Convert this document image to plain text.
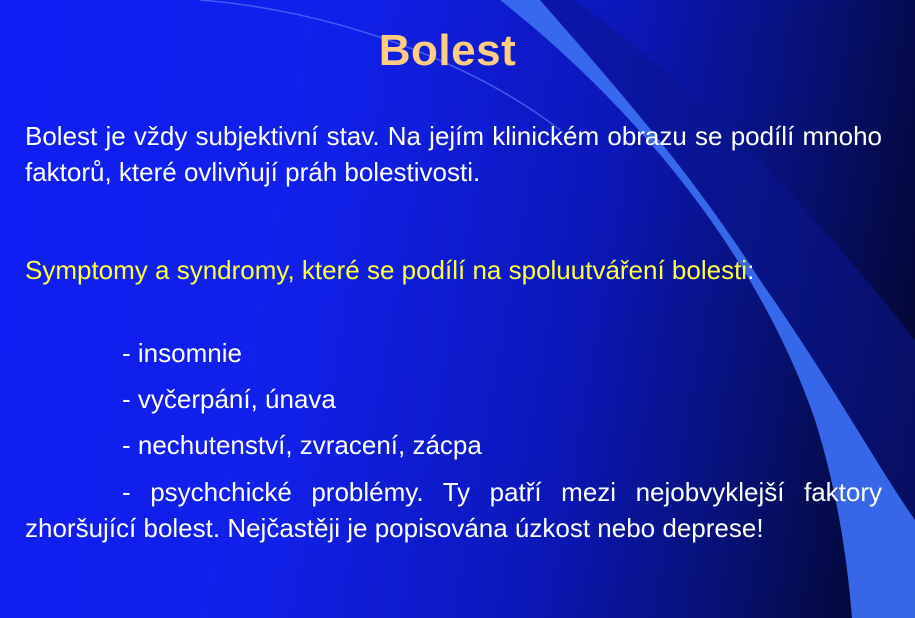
Bolest
Bolest je vždy subjektivní stav. Na jejím klinickém obrazu se podílí mnoho faktorů, které ovlivňují práh bolestivosti.
Symptomy a syndromy, které se podílí na spoluutváření bolesti:
- insomnie
- vyčerpání, únava
- nechutenství, zvracení, zácpa
- psychchické problémy. Ty patří mezi nejobvyklejší faktory zhoršující bolest. Nejčastěji je popisována úzkost nebo deprese!
